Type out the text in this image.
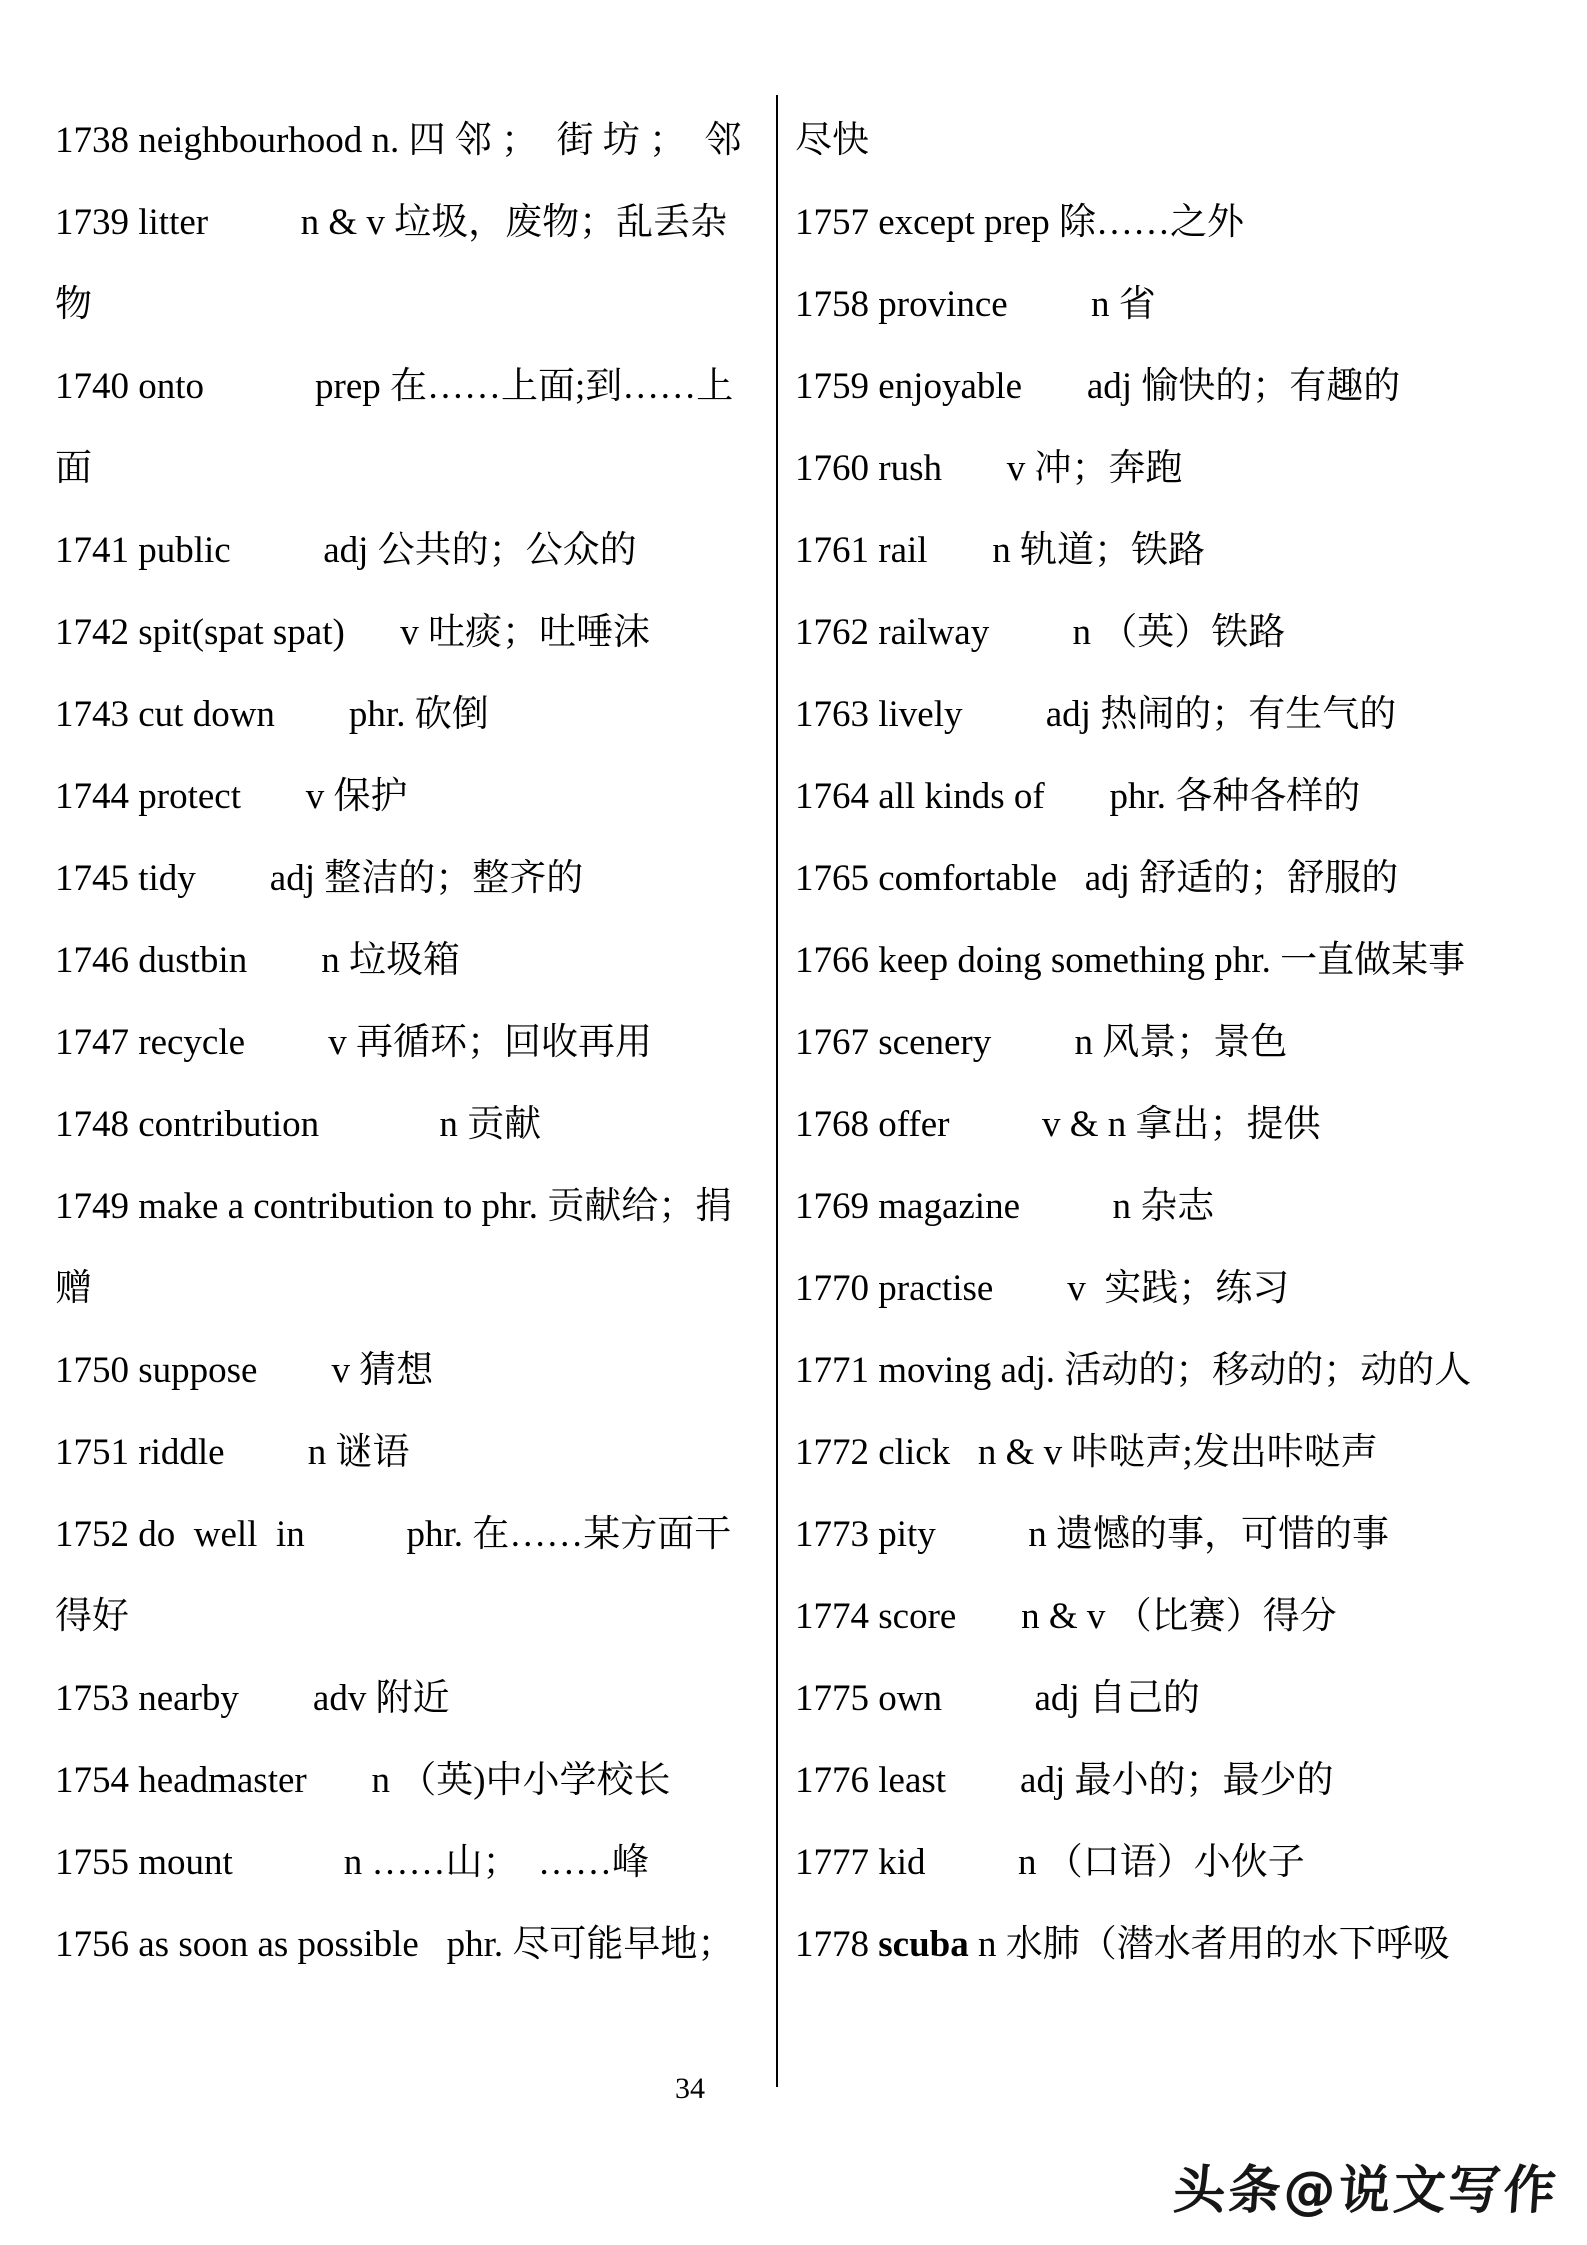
1738 neighbourhood n. 四 邻 ；  街 坊 ；  邻
1739 litter          n & v 垃圾，废物；乱丢杂
物
1740 onto            prep 在……上面;到……上
面
1741 public          adj 公共的；公众的
1742 spit(spat spat)      v 吐痰；吐唾沫
1743 cut down        phr. 砍倒
1744 protect       v 保护
1745 tidy        adj 整洁的；整齐的
1746 dustbin        n 垃圾箱
1747 recycle         v 再循环；回收再用
1748 contribution             n 贡献
1749 make a contribution to phr. 贡献给；捐
赠
1750 suppose        v 猜想
1751 riddle         n 谜语
1752 do  well  in           phr. 在……某方面干
得好
1753 nearby        adv 附近
1754 headmaster       n （英)中小学校长
1755 mount            n ……山；  ……峰
1756 as soon as possible   phr. 尽可能早地；
尽快
1757 except prep 除……之外
1758 province         n 省
1759 enjoyable       adj 愉快的；有趣的
1760 rush       v 冲；奔跑
1761 rail       n 轨道；铁路
1762 railway         n （英）铁路
1763 lively         adj 热闹的；有生气的
1764 all kinds of       phr. 各种各样的
1765 comfortable   adj 舒适的；舒服的
1766 keep doing something phr. 一直做某事
1767 scenery         n 风景；景色
1768 offer          v & n 拿出；提供
1769 magazine          n 杂志
1770 practise        v  实践；练习
1771 moving adj. 活动的；移动的；动的人
1772 click   n & v 咔哒声;发出咔哒声
1773 pity          n 遗憾的事，可惜的事
1774 score       n & v （比赛）得分
1775 own          adj 自己的
1776 least        adj 最小的；最少的
1777 kid          n （口语）小伙子
1778 scuba n 水肺（潜水者用的水下呼吸
34
头条@说文写作
